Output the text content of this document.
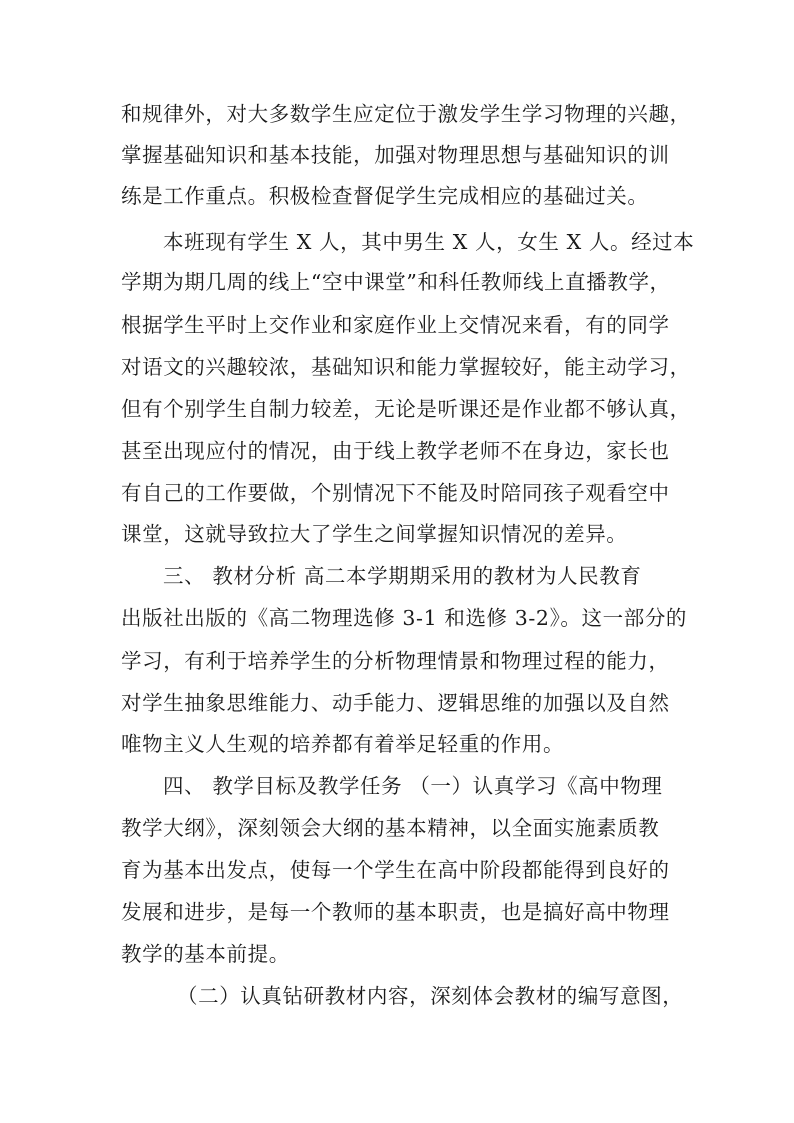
和规律外，对大多数学生应定位于激发学生学习物理的兴趣，
掌握基础知识和基本技能，加强对物理思想与基础知识的训
练是工作重点。积极检查督促学生完成相应的基础过关。
本班现有学生 X 人，其中男生 X 人，女生 X 人。经过本
学期为期几周的线上“空中课堂”和科任教师线上直播教学，
根据学生平时上交作业和家庭作业上交情况来看，有的同学
对语文的兴趣较浓，基础知识和能力掌握较好，能主动学习，
但有个别学生自制力较差，无论是听课还是作业都不够认真，
甚至出现应付的情况，由于线上教学老师不在身边，家长也
有自己的工作要做，个别情况下不能及时陪同孩子观看空中
课堂，这就导致拉大了学生之间掌握知识情况的差异。
三、 教材分析 高二本学期期采用的教材为人民教育
出版社出版的《高二物理选修 3-1 和选修 3-2》。这一部分的
学习，有利于培养学生的分析物理情景和物理过程的能力，
对学生抽象思维能力、动手能力、逻辑思维的加强以及自然
唯物主义人生观的培养都有着举足轻重的作用。
四、 教学目标及教学任务 （一）认真学习《高中物理
教学大纲》，深刻领会大纲的基本精神，以全面实施素质教
育为基本出发点，使每一个学生在高中阶段都能得到良好的
发展和进步，是每一个教师的基本职责，也是搞好高中物理
教学的基本前提。
（二）认真钻研教材内容，深刻体会教材的编写意图，
